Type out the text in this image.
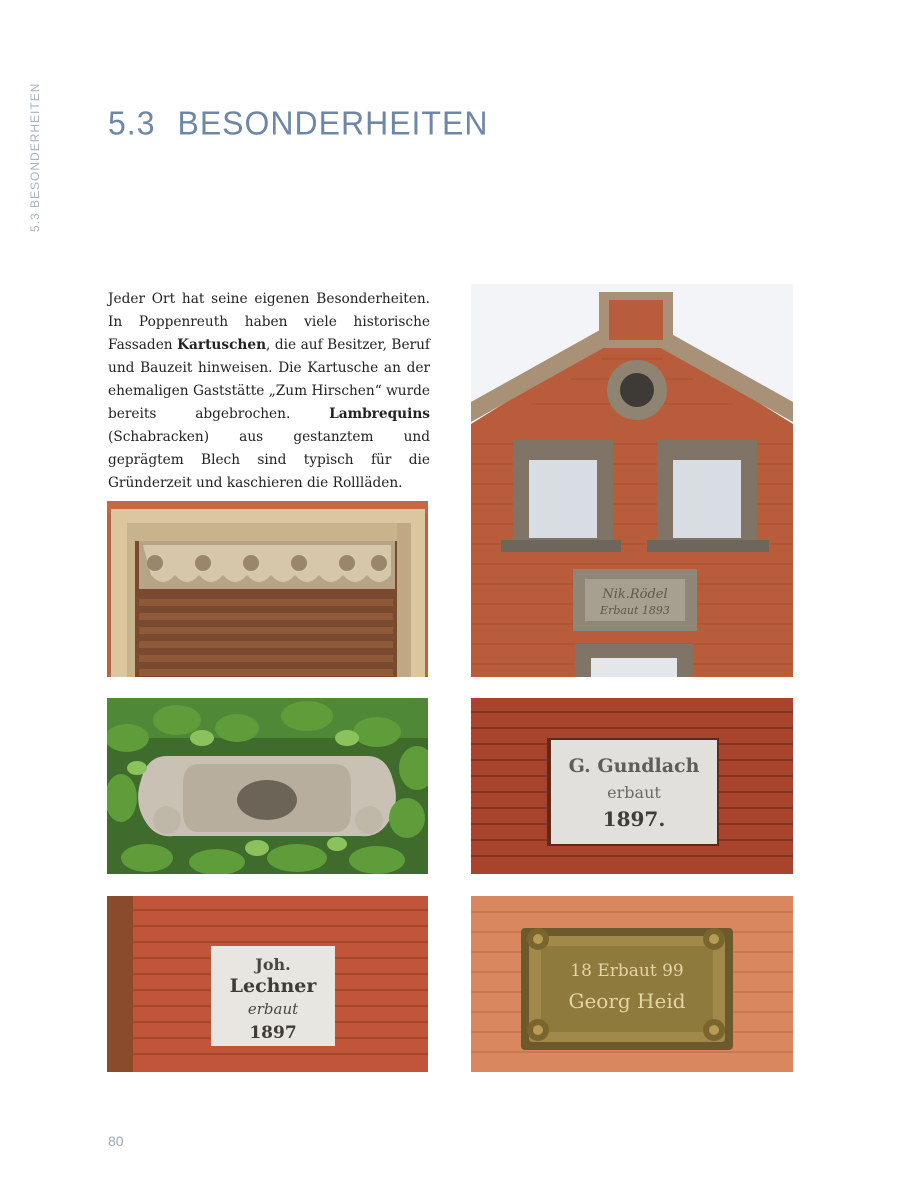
5.3 BESONDERHEITEN 5.3 BESONDERHEITEN

Jeder Ort hat seine eigenen Besonderheiten. In Poppenreuth haben viele historische Fassaden Kartuschen, die auf Besitzer, Beruf und Bauzeit hinweisen. Die Kartusche an der ehemaligen Gaststätte „Zum Hirschen“ wurde bereits abgebrochen. Lambrequins (Schabracken) aus gestanztem und geprägtem Blech sind typisch für die Gründerzeit und kaschieren die Rollläden.

Nik.Rödel
Erbaut 1893
G. Gundlach
erbaut
1897.
Joh.
Lechner
erbaut
1897
18 Erbaut 99
Georg Heid
80
